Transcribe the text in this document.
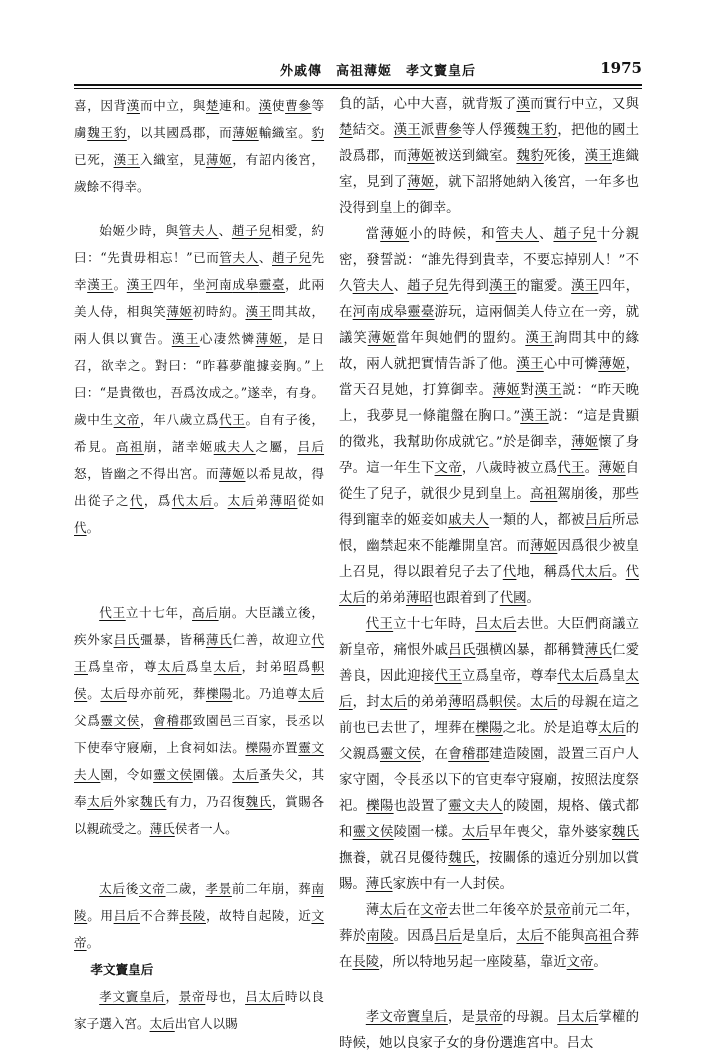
外戚傳　高祖薄姬　孝文竇皇后	1975

喜，因背漢而中立，與楚連和。漢使曹參等虜魏王豹，以其國爲郡，而薄姬輸織室。豹已死，漢王入織室，見薄姬，有詔内後宮，歲餘不得幸。

始姬少時，與管夫人、趙子兒相愛，約曰：“先貴毋相忘！”已而管夫人、趙子兒先幸漢王。漢王四年，坐河南成皋靈臺，此兩美人侍，相與笑薄姬初時約。漢王問其故，兩人俱以實告。漢王心凄然憐薄姬，是日召，欲幸之。對曰：“昨暮夢龍據妾胸。”上曰：“是貴徵也，吾爲汝成之。”遂幸，有身。歲中生文帝，年八歲立爲代王。自有子後，希見。高祖崩，諸幸姬戚夫人之屬，吕后怒，皆幽之不得出宮。而薄姬以希見故，得出從子之代，爲代太后。太后弟薄昭從如代。

代王立十七年，高后崩。大臣議立後，疾外家吕氏彊暴，皆稱薄氏仁善，故迎立代王爲皇帝，尊太后爲皇太后，封弟昭爲軹侯。太后母亦前死，葬櫟陽北。乃追尊太后父爲靈文侯，會稽郡致園邑三百家，長丞以下使奉守寢廟，上食祠如法。櫟陽亦置靈文夫人園，令如靈文侯園儀。太后蚤失父，其奉太后外家魏氏有力，乃召復魏氏，賞賜各以親疏受之。薄氏侯者一人。

太后後文帝二歲，孝景前二年崩，葬南陵。用吕后不合葬長陵，故特自起陵，近文帝。

孝文竇皇后

孝文竇皇后，景帝母也，吕太后時以良家子選入宮。太后出官人以賜

負的話，心中大喜，就背叛了漢而實行中立，又與楚結交。漢王派曹參等人俘獲魏王豹，把他的國土設爲郡，而薄姬被送到織室。魏豹死後，漢王進織室，見到了薄姬，就下詔將她納入後宮，一年多也没得到皇上的御幸。

當薄姬小的時候，和管夫人、趙子兒十分親密，發誓説：“誰先得到貴幸，不要忘掉别人！”不久管夫人、趙子兒先得到漢王的寵愛。漢王四年，在河南成皋靈臺游玩，這兩個美人侍立在一旁，就議笑薄姬當年與她們的盟約。漢王詢問其中的緣故，兩人就把實情告訴了他。漢王心中可憐薄姬，當天召見她，打算御幸。薄姬對漢王説：“昨天晚上，我夢見一條龍盤在胸口。”漢王説：“這是貴顯的徵兆，我幫助你成就它。”於是御幸，薄姬懷了身孕。這一年生下文帝，八歲時被立爲代王。薄姬自從生了兒子，就很少見到皇上。高祖駕崩後，那些得到寵幸的姬妾如戚夫人一類的人，都被吕后所忌恨，幽禁起來不能離開皇宮。而薄姬因爲很少被皇上召見，得以跟着兒子去了代地，稱爲代太后。代太后的弟弟薄昭也跟着到了代國。

代王立十七年時，吕太后去世。大臣們商議立新皇帝，痛恨外戚吕氏强横凶暴，都稱贊薄氏仁愛善良，因此迎接代王立爲皇帝，尊奉代太后爲皇太后，封太后的弟弟薄昭爲軹侯。太后的母親在這之前也已去世了，埋葬在櫟陽之北。於是追尊太后的父親爲靈文侯，在會稽郡建造陵園，設置三百户人家守園，令長丞以下的官吏奉守寢廟，按照法度祭祀。櫟陽也設置了靈文夫人的陵園，規格、儀式都和靈文侯陵園一樣。太后早年喪父，靠外婆家魏氏撫養，就召見優待魏氏，按關係的遠近分别加以賞賜。薄氏家族中有一人封侯。

薄太后在文帝去世二年後卒於景帝前元二年，葬於南陵。因爲吕后是皇后，太后不能與高祖合葬在長陵，所以特地另起一座陵墓，靠近文帝。

孝文帝竇皇后，是景帝的母親。吕太后掌權的時候，她以良家子女的身份選進宮中。吕太
